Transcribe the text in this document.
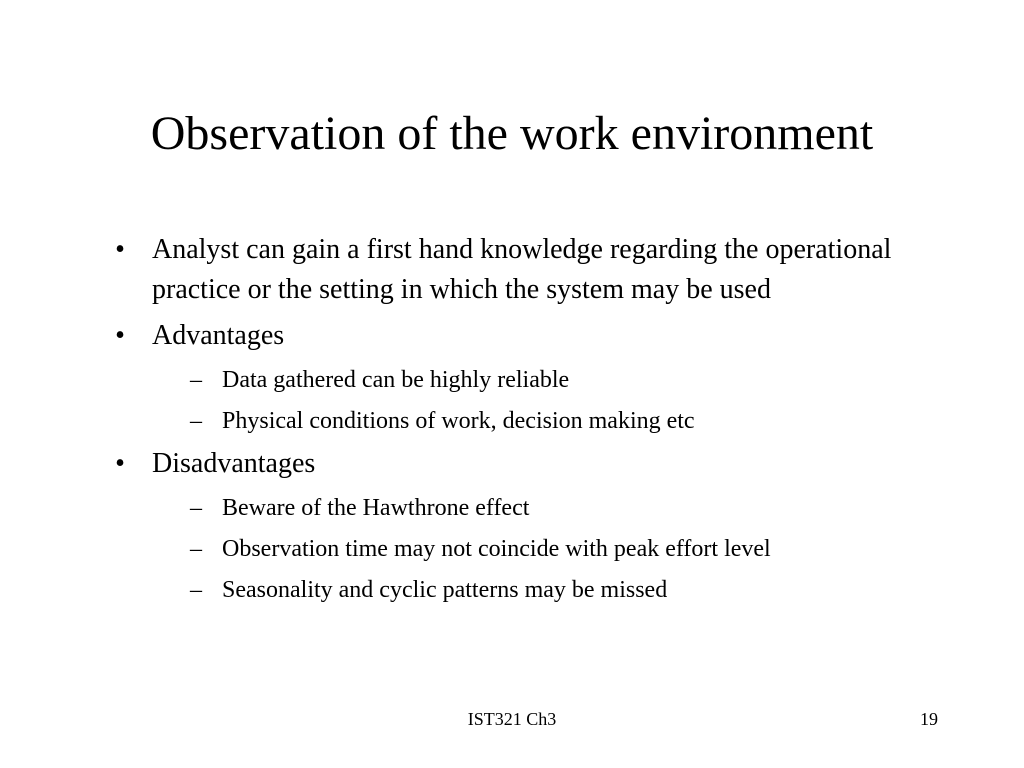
Observation of the work environment
• Analyst can gain a first hand knowledge regarding the operational practice or the setting in which the system may be used
• Advantages
– Data gathered can be highly reliable
– Physical conditions of work, decision making etc
• Disadvantages
– Beware of the Hawthrone effect
– Observation time may not coincide with peak effort level
– Seasonality and cyclic patterns may be missed
IST321 Ch3	19
